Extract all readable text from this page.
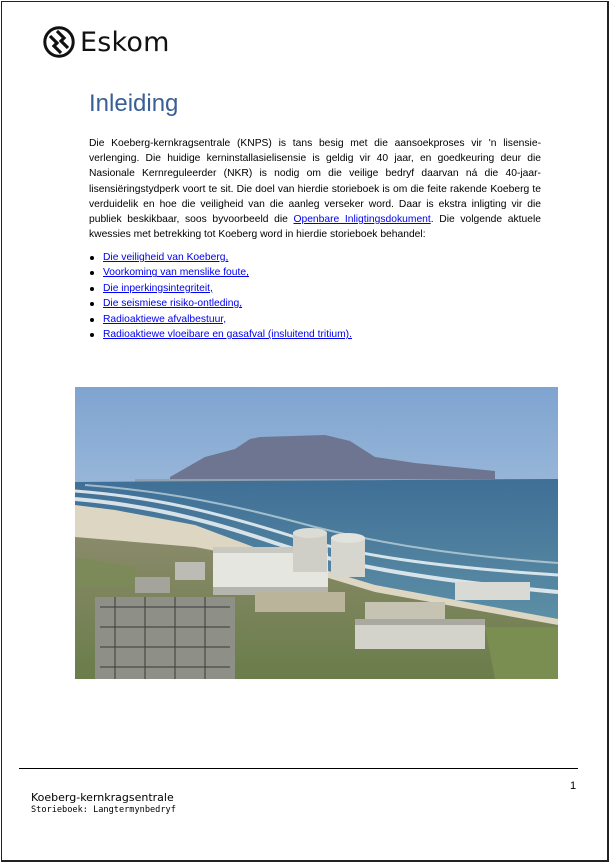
Eskom
Inleiding

Die Koeberg-kernkragsentrale (KNPS) is tans besig met die aansoekproses vir 'n lisensie-verlenging. Die huidige kerninstallasielisensie is geldig vir 40 jaar, en goedkeuring deur die Nasionale Kernreguleerder (NKR) is nodig om die veilige bedryf daarvan ná die 40-jaar-lisensiëringstydperk voort te sit. Die doel van hierdie storieboek is om die feite rakende Koeberg te verduidelik en hoe die veiligheid van die aanleg verseker word. Daar is ekstra inligting vir die publiek beskikbaar, soos byvoorbeeld die Openbare Inligtingsdokument. Die volgende aktuele kwessies met betrekking tot Koeberg word in hierdie storieboek behandel:

Die veiligheid van Koeberg,
Voorkoming van menslike foute,
Die inperkingsintegriteit,
Die seismiese risiko-ontleding,
Radioaktiewe afvalbestuur,
Radioaktiewe vloeibare en gasafval (insluitend tritium).
1
Koeberg-kernkragsentrale
Storieboek: Langtermynbedryf
